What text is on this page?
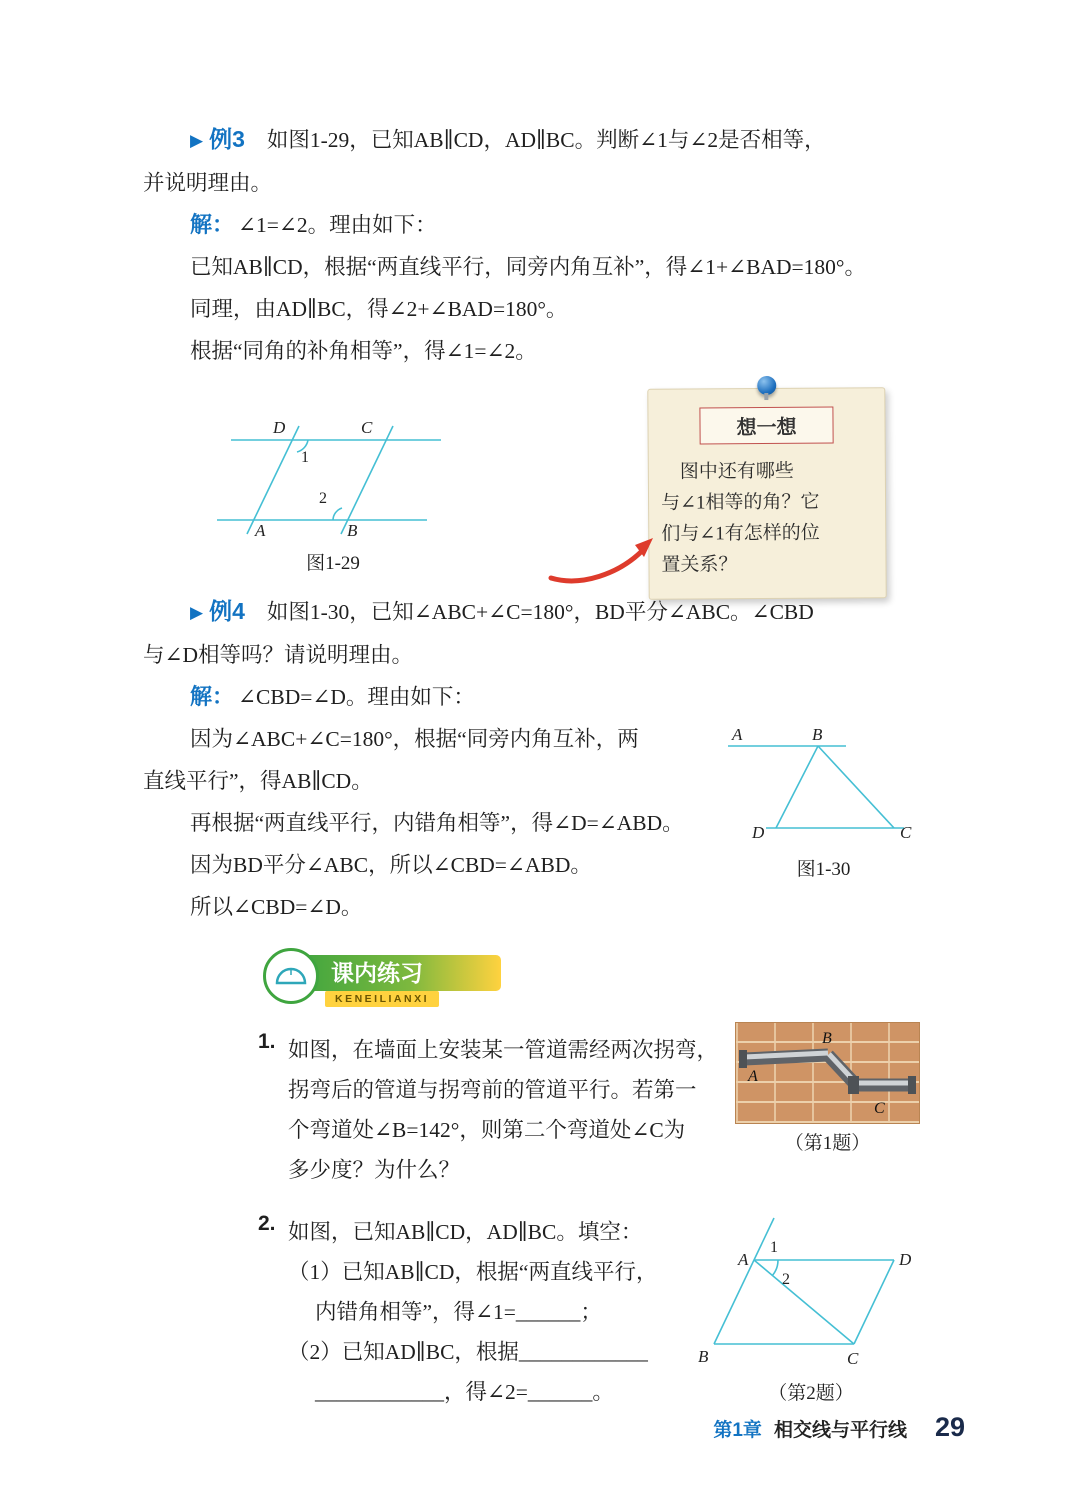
▶ 例3 如图1-29，已知AB∥CD，AD∥BC。判断∠1与∠2是否相等，
并说明理由。
解： ∠1=∠2。理由如下：
已知AB∥CD，根据“两直线平行，同旁内角互补”，得∠1+∠BAD=180°。
同理，由AD∥BC，得∠2+∠BAD=180°。
根据“同角的补角相等”，得∠1=∠2。
D	C
A	B
1
2
图1-29
想一想
图中还有哪些
与∠1相等的角？它
们与∠1有怎样的位
置关系？
▶ 例4 如图1-30，已知∠ABC+∠C=180°，BD平分∠ABC。∠CBD
与∠D相等吗？请说明理由。
解： ∠CBD=∠D。理由如下：
因为∠ABC+∠C=180°，根据“同旁内角互补，两
直线平行”，得AB∥CD。
再根据“两直线平行，内错角相等”，得∠D=∠ABD。
因为BD平分∠ABC，所以∠CBD=∠ABD。
所以∠CBD=∠D。
A	B
D	C
图1-30
课内练习
KENEILIANXI
1. 如图，在墙面上安装某一管道需经两次拐弯，
拐弯后的管道与拐弯前的管道平行。若第一
个弯道处∠B=142°，则第二个弯道处∠C为
多少度？为什么？
B
A
C
（第1题）
2. 如图，已知AB∥CD，AD∥BC。填空：
（1）已知AB∥CD，根据“两直线平行，
内错角相等”，得∠1=______；
（2）已知AD∥BC，根据____________
____________，得∠2=______。
A	D
B	C
1
2
（第2题）
第1章 相交线与平行线 29
